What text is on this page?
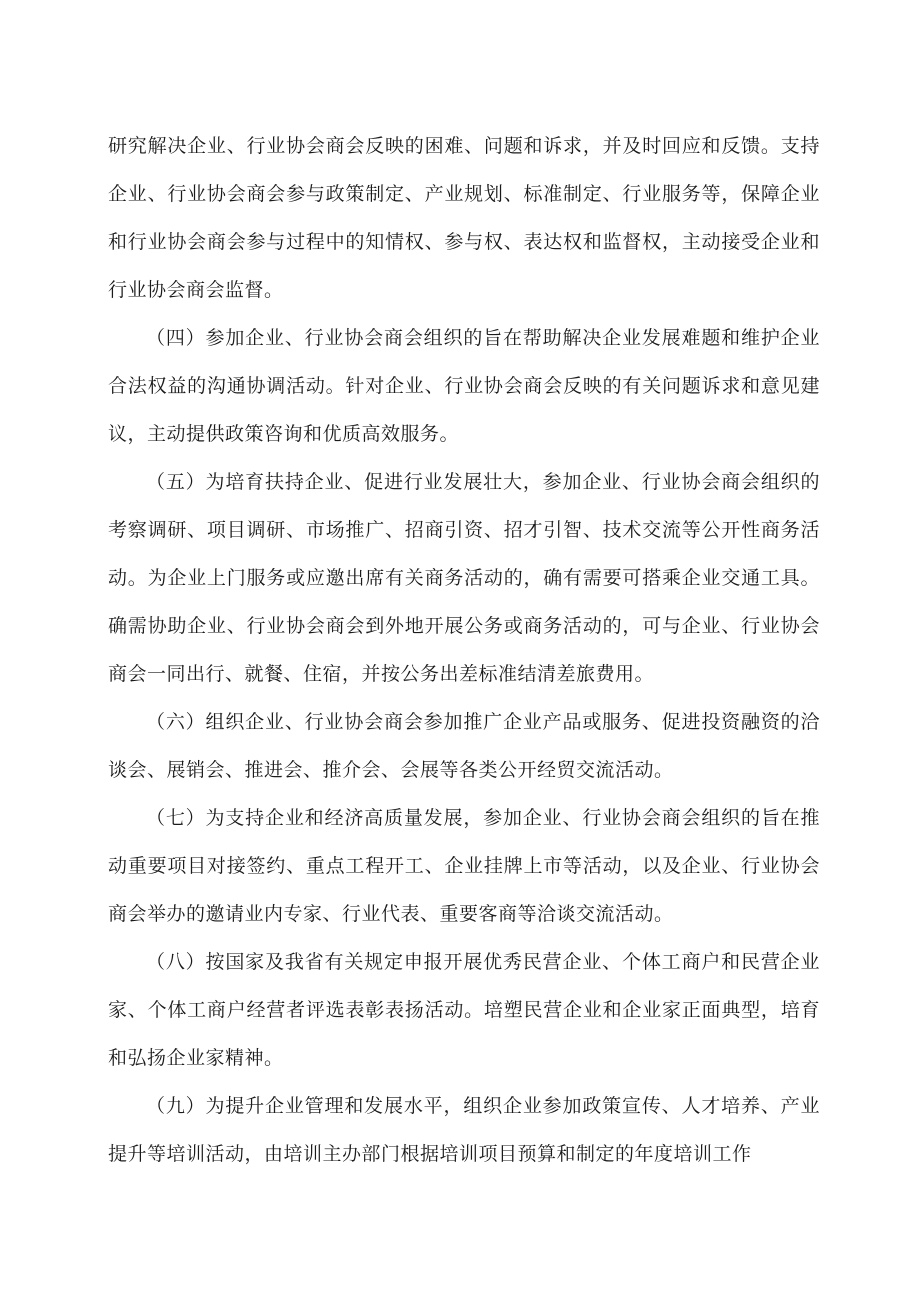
研究解决企业、行业协会商会反映的困难、问题和诉求，并及时回应和反馈。支持企业、行业协会商会参与政策制定、产业规划、标准制定、行业服务等，保障企业和行业协会商会参与过程中的知情权、参与权、表达权和监督权，主动接受企业和行业协会商会监督。

（四）参加企业、行业协会商会组织的旨在帮助解决企业发展难题和维护企业合法权益的沟通协调活动。针对企业、行业协会商会反映的有关问题诉求和意见建议，主动提供政策咨询和优质高效服务。

（五）为培育扶持企业、促进行业发展壮大，参加企业、行业协会商会组织的考察调研、项目调研、市场推广、招商引资、招才引智、技术交流等公开性商务活动。为企业上门服务或应邀出席有关商务活动的，确有需要可搭乘企业交通工具。确需协助企业、行业协会商会到外地开展公务或商务活动的，可与企业、行业协会商会一同出行、就餐、住宿，并按公务出差标准结清差旅费用。

（六）组织企业、行业协会商会参加推广企业产品或服务、促进投资融资的洽谈会、展销会、推进会、推介会、会展等各类公开经贸交流活动。

（七）为支持企业和经济高质量发展，参加企业、行业协会商会组织的旨在推动重要项目对接签约、重点工程开工、企业挂牌上市等活动，以及企业、行业协会商会举办的邀请业内专家、行业代表、重要客商等洽谈交流活动。

（八）按国家及我省有关规定申报开展优秀民营企业、个体工商户和民营企业家、个体工商户经营者评选表彰表扬活动。培塑民营企业和企业家正面典型，培育和弘扬企业家精神。

（九）为提升企业管理和发展水平，组织企业参加政策宣传、人才培养、产业提升等培训活动，由培训主办部门根据培训项目预算和制定的年度培训工作
